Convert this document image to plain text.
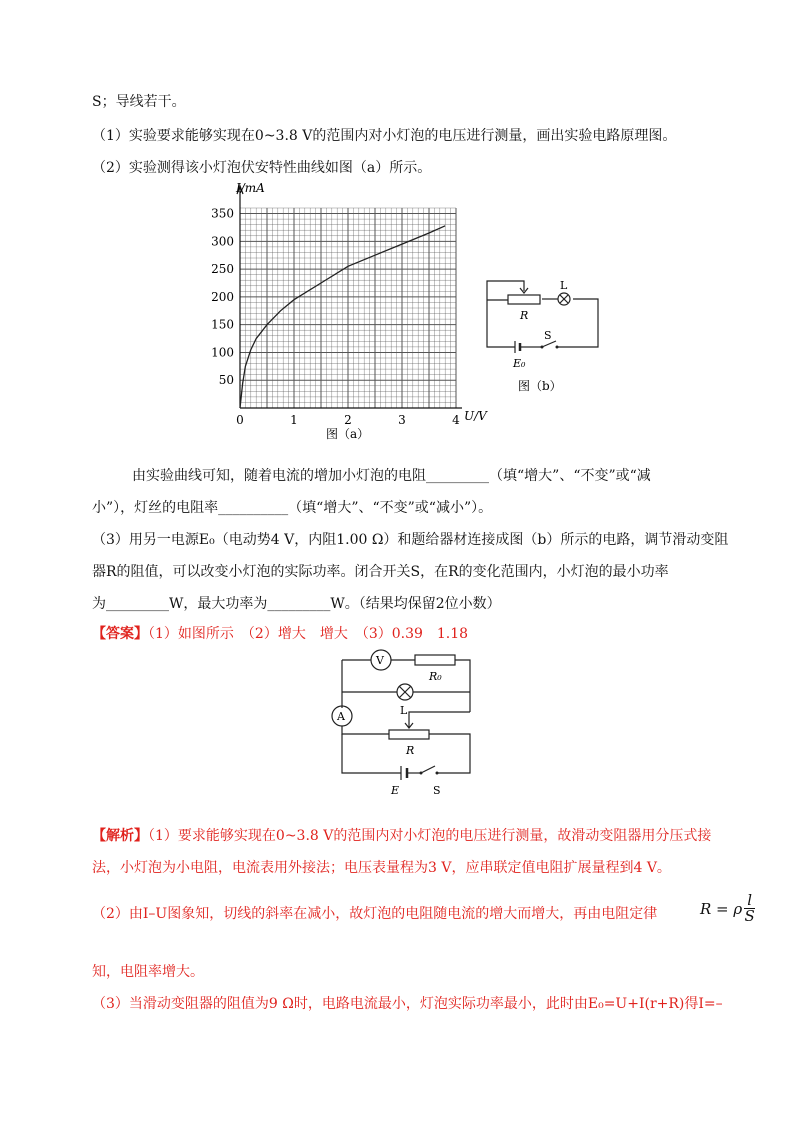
S；导线若干。
（1）实验要求能够实现在0~3.8 V的范围内对小灯泡的电压进行测量，画出实验电路原理图。
（2）实验测得该小灯泡伏安特性曲线如图（a）所示。
350
300
250
200
150
100
50
0	1	2	3	4
I/mA
U/V
图（a）
L
R
E₀
S
图（b）
由实验曲线可知，随着电流的增加小灯泡的电阻_________（填“增大”、“不变”或“减
小”），灯丝的电阻率__________（填“增大”、“不变”或“减小”）。
（3）用另一电源E₀（电动势4 V，内阻1.00 Ω）和题给器材连接成图（b）所示的电路，调节滑动变阻
器R的阻值，可以改变小灯泡的实际功率。闭合开关S，在R的变化范围内，小灯泡的最小功率
为_________W，最大功率为_________W。（结果均保留2位小数）
【答案】（1）如图所示　（2）增大　增大　（3）0.39　1.18
V
R₀
A	L
R
E	S
【解析】（1）要求能够实现在0~3.8 V的范围内对小灯泡的电压进行测量，故滑动变阻器用分压式接
法，小灯泡为小电阻，电流表用外接法；电压表量程为3 V，应串联定值电阻扩展量程到4 V。
（2）由I–U图象知，切线的斜率在减小，故灯泡的电阻随电流的增大而增大，再由电阻定律	R = ρ $\frac{l}{S}$
知，电阻率增大。
（3）当滑动变阻器的阻值为9 Ω时，电路电流最小，灯泡实际功率最小，此时由E₀=U+I(r+R)得I=–
